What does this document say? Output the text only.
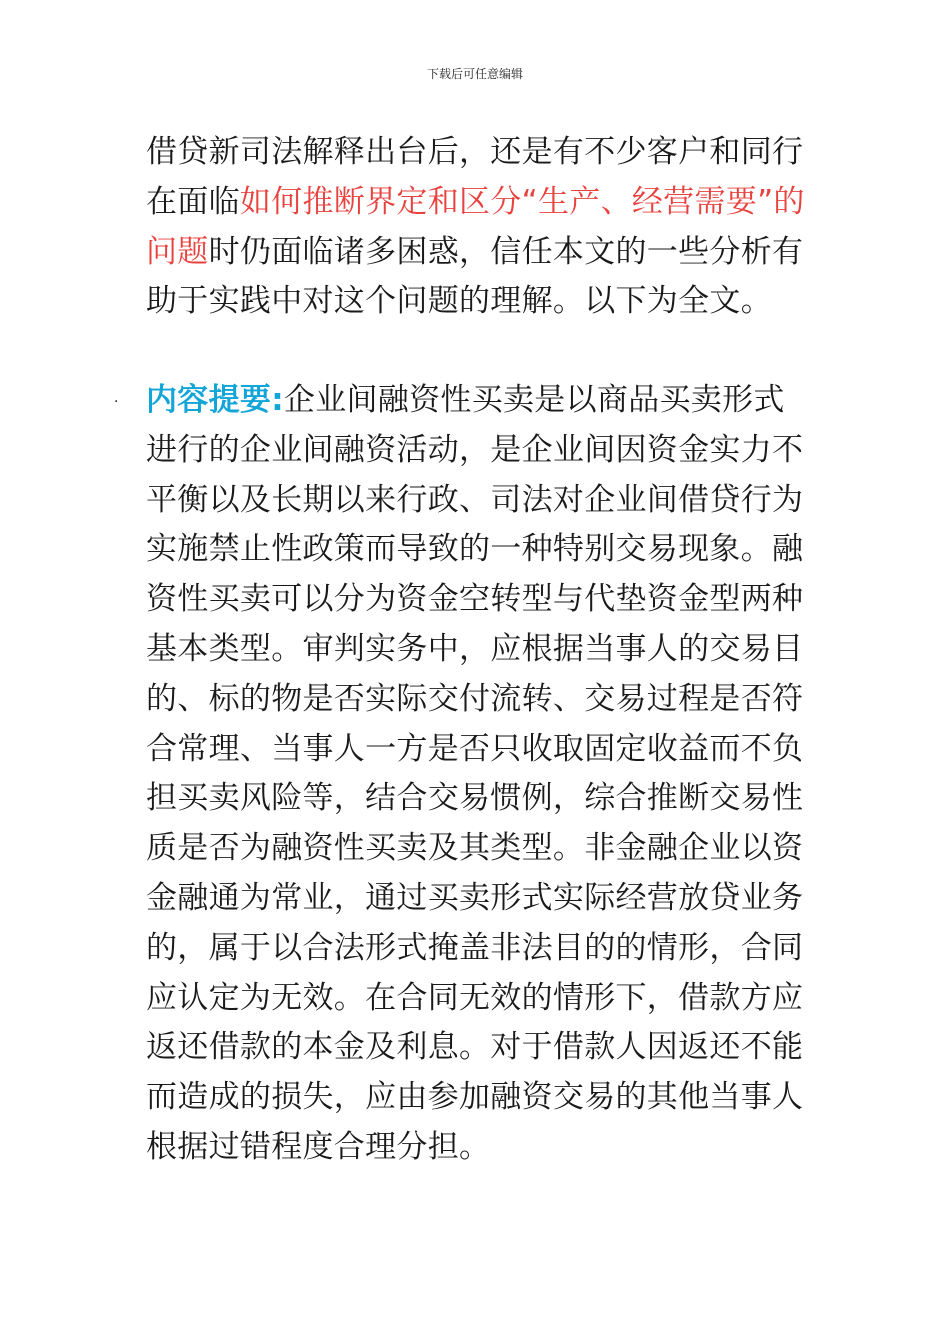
下载后可任意编辑
借贷新司法解释出台后，还是有不少客户和同行在面临如何推断界定和区分“生产、经营需要”的问题时仍面临诸多困惑，信任本文的一些分析有助于实践中对这个问题的理解。以下为全文。
· 内容提要:企业间融资性买卖是以商品买卖形式进行的企业间融资活动，是企业间因资金实力不平衡以及长期以来行政、司法对企业间借贷行为实施禁止性政策而导致的一种特别交易现象。融资性买卖可以分为资金空转型与代垫资金型两种基本类型。审判实务中，应根据当事人的交易目的、标的物是否实际交付流转、交易过程是否符合常理、当事人一方是否只收取固定收益而不负担买卖风险等，结合交易惯例，综合推断交易性质是否为融资性买卖及其类型。非金融企业以资金融通为常业，通过买卖形式实际经营放贷业务的，属于以合法形式掩盖非法目的的情形，合同应认定为无效。在合同无效的情形下，借款方应返还借款的本金及利息。对于借款人因返还不能而造成的损失，应由参加融资交易的其他当事人根据过错程度合理分担。
